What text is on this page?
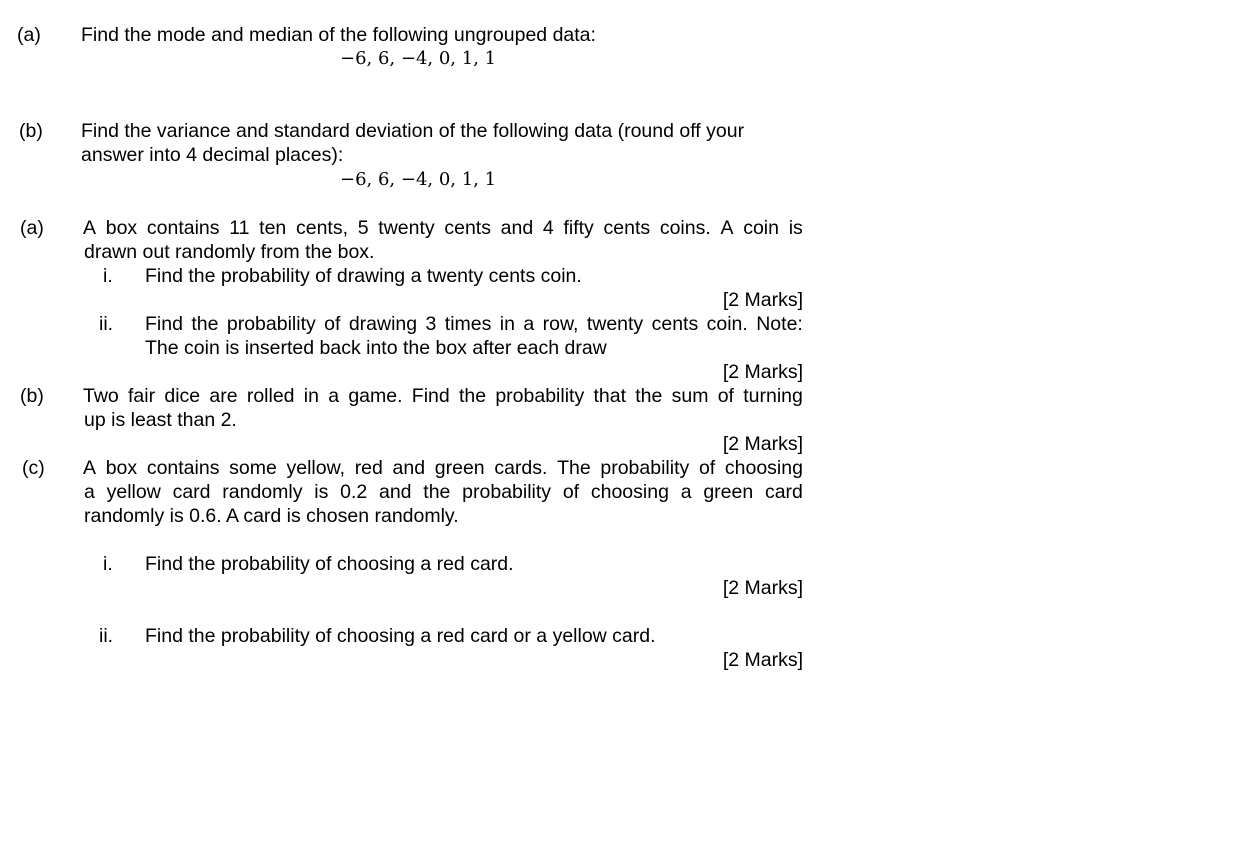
(a) Find the mode and median of the following ungrouped data:
−6, 6, −4, 0, 1, 1
(b) Find the variance and standard deviation of the following data (round off your
answer into 4 decimal places):
−6, 6, −4, 0, 1, 1
(a) A box contains 11 ten cents, 5 twenty cents and 4 fifty cents coins. A coin is
drawn out randomly from the box.
i. Find the probability of drawing a twenty cents coin.
[2 Marks]
ii. Find the probability of drawing 3 times in a row, twenty cents coin. Note:
The coin is inserted back into the box after each draw
[2 Marks]
(b) Two fair dice are rolled in a game. Find the probability that the sum of turning
up is least than 2.
[2 Marks]
(c) A box contains some yellow, red and green cards. The probability of choosing
a yellow card randomly is 0.2 and the probability of choosing a green card
randomly is 0.6. A card is chosen randomly.
i. Find the probability of choosing a red card.
[2 Marks]
ii. Find the probability of choosing a red card or a yellow card.
[2 Marks]
